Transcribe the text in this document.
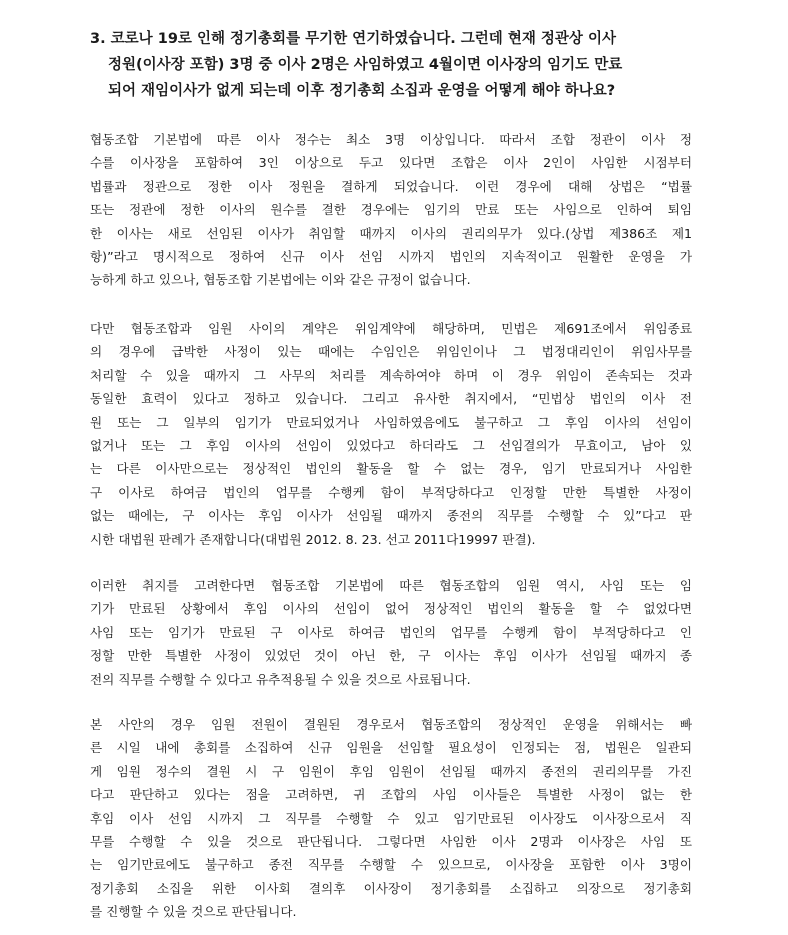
3. 코로나 19로 인해 정기총회를 무기한 연기하였습니다. 그런데 현재 정관상 이사
정원(이사장 포함) 3명 중 이사 2명은 사임하였고 4월이면 이사장의 임기도 만료
되어 재임이사가 없게 되는데 이후 정기총회 소집과 운영을 어떻게 해야 하나요?

협동조합 기본법에 따른 이사 정수는 최소 3명 이상입니다. 따라서 조합 정관이 이사 정
수를 이사장을 포함하여 3인 이상으로 두고 있다면 조합은 이사 2인이 사임한 시점부터
법률과 정관으로 정한 이사 정원을 결하게 되었습니다. 이런 경우에 대해 상법은 “법률
또는 정관에 정한 이사의 원수를 결한 경우에는 임기의 만료 또는 사임으로 인하여 퇴임
한 이사는 새로 선임된 이사가 취임할 때까지 이사의 권리의무가 있다.(상법 제386조 제1
항)”라고 명시적으로 정하여 신규 이사 선임 시까지 법인의 지속적이고 원활한 운영을 가
능하게 하고 있으나, 협동조합 기본법에는 이와 같은 규정이 없습니다.

다만 협동조합과 임원 사이의 계약은 위임계약에 해당하며, 민법은 제691조에서 위임종료
의 경우에 급박한 사정이 있는 때에는 수임인은 위임인이나 그 법정대리인이 위임사무를
처리할 수 있을 때까지 그 사무의 처리를 계속하여야 하며 이 경우 위임이 존속되는 것과
동일한 효력이 있다고 정하고 있습니다. 그리고 유사한 취지에서, “민법상 법인의 이사 전
원 또는 그 일부의 임기가 만료되었거나 사임하였음에도 불구하고 그 후임 이사의 선임이
없거나 또는 그 후임 이사의 선임이 있었다고 하더라도 그 선임결의가 무효이고, 남아 있
는 다른 이사만으로는 정상적인 법인의 활동을 할 수 없는 경우, 임기 만료되거나 사임한
구 이사로 하여금 법인의 업무를 수행케 함이 부적당하다고 인정할 만한 특별한 사정이
없는 때에는, 구 이사는 후임 이사가 선임될 때까지 종전의 직무를 수행할 수 있”다고 판
시한 대법원 판례가 존재합니다(대법원 2012. 8. 23. 선고 2011다19997 판결).

이러한 취지를 고려한다면 협동조합 기본법에 따른 협동조합의 임원 역시, 사임 또는 임
기가 만료된 상황에서 후임 이사의 선임이 없어 정상적인 법인의 활동을 할 수 없었다면
사임 또는 임기가 만료된 구 이사로 하여금 법인의 업무를 수행케 함이 부적당하다고 인
정할 만한 특별한 사정이 있었던 것이 아닌 한, 구 이사는 후임 이사가 선임될 때까지 종
전의 직무를 수행할 수 있다고 유추적용될 수 있을 것으로 사료됩니다.

본 사안의 경우 임원 전원이 결원된 경우로서 협동조합의 정상적인 운영을 위해서는 빠
른 시일 내에 총회를 소집하여 신규 임원을 선임할 필요성이 인정되는 점, 법원은 일관되
게 임원 정수의 결원 시 구 임원이 후임 임원이 선임될 때까지 종전의 권리의무를 가진
다고 판단하고 있다는 점을 고려하면, 귀 조합의 사임 이사들은 특별한 사정이 없는 한
후임 이사 선임 시까지 그 직무를 수행할 수 있고 임기만료된 이사장도 이사장으로서 직
무를 수행할 수 있을 것으로 판단됩니다. 그렇다면 사임한 이사 2명과 이사장은 사임 또
는 임기만료에도 불구하고 종전 직무를 수행할 수 있으므로, 이사장을 포함한 이사 3명이
정기총회 소집을 위한 이사회 결의후 이사장이 정기총회를 소집하고 의장으로 정기총회
를 진행할 수 있을 것으로 판단됩니다.
